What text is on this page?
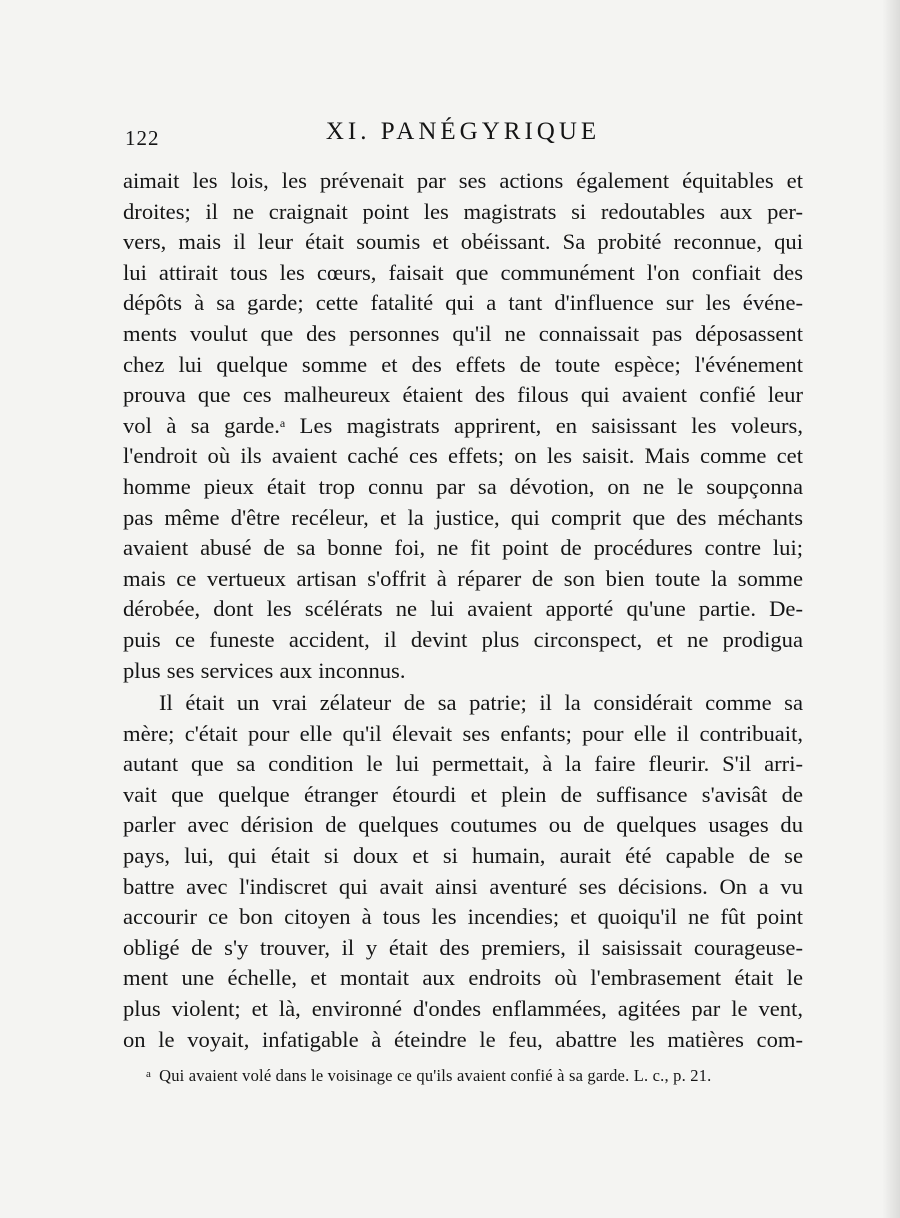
122	XI. PANÉGYRIQUE
aimait les lois, les prévenait par ses actions également équitables et
droites; il ne craignait point les magistrats si redoutables aux per-
vers, mais il leur était soumis et obéissant. Sa probité reconnue, qui
lui attirait tous les cœurs, faisait que communément l'on confiait des
dépôts à sa garde; cette fatalité qui a tant d'influence sur les événe-
ments voulut que des personnes qu'il ne connaissait pas déposassent
chez lui quelque somme et des effets de toute espèce; l'événement
prouva que ces malheureux étaient des filous qui avaient confié leur
vol à sa garde.$^a$ Les magistrats apprirent, en saisissant les voleurs,
l'endroit où ils avaient caché ces effets; on les saisit. Mais comme cet
homme pieux était trop connu par sa dévotion, on ne le soupçonna
pas même d'être recéleur, et la justice, qui comprit que des méchants
avaient abusé de sa bonne foi, ne fit point de procédures contre lui;
mais ce vertueux artisan s'offrit à réparer de son bien toute la somme
dérobée, dont les scélérats ne lui avaient apporté qu'une partie. De-
puis ce funeste accident, il devint plus circonspect, et ne prodigua
plus ses services aux inconnus.
Il était un vrai zélateur de sa patrie; il la considérait comme sa
mère; c'était pour elle qu'il élevait ses enfants; pour elle il contribuait,
autant que sa condition le lui permettait, à la faire fleurir. S'il arri-
vait que quelque étranger étourdi et plein de suffisance s'avisât de
parler avec dérision de quelques coutumes ou de quelques usages du
pays, lui, qui était si doux et si humain, aurait été capable de se
battre avec l'indiscret qui avait ainsi aventuré ses décisions. On a vu
accourir ce bon citoyen à tous les incendies; et quoiqu'il ne fût point
obligé de s'y trouver, il y était des premiers, il saisissait courageuse-
ment une échelle, et montait aux endroits où l'embrasement était le
plus violent; et là, environné d'ondes enflammées, agitées par le vent,
on le voyait, infatigable à éteindre le feu, abattre les matières com-
$^a$ Qui avaient volé dans le voisinage ce qu'ils avaient confié à sa garde. L. c., p. 21.
